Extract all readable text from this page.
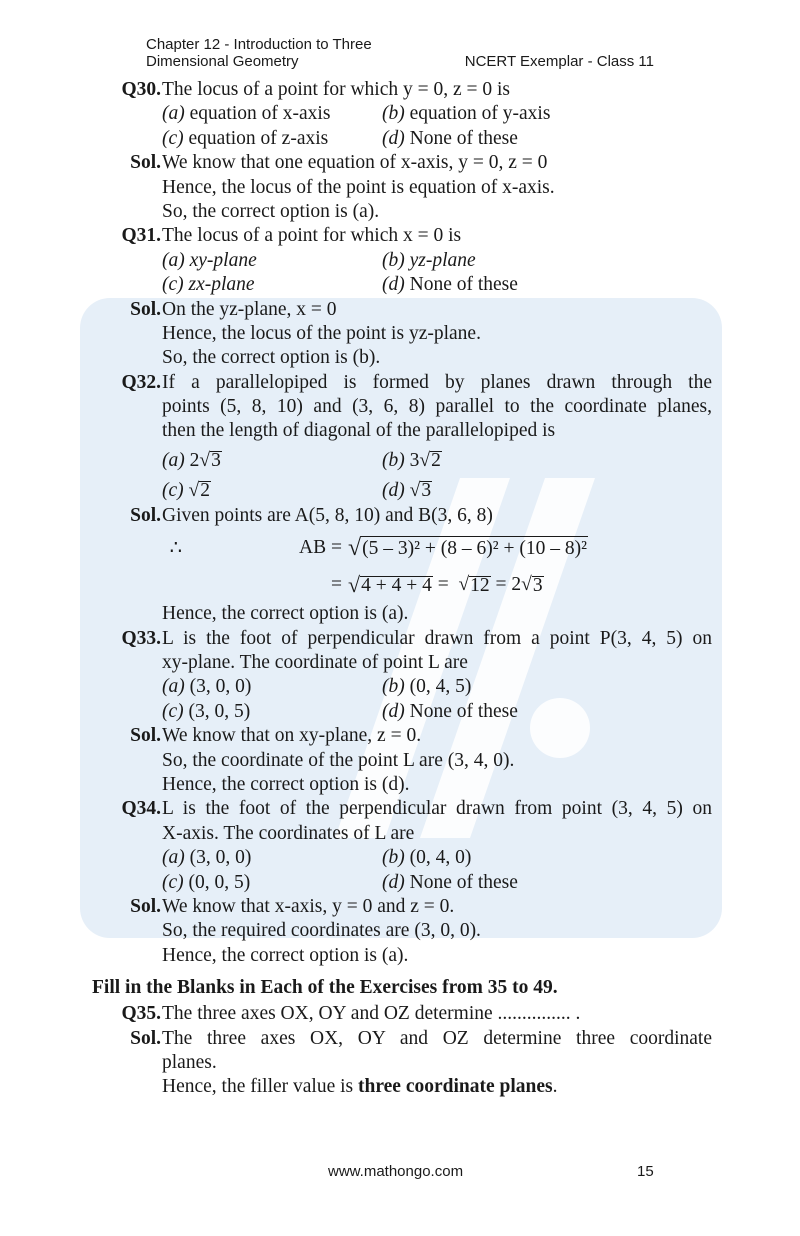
Chapter 12 - Introduction to Three
Dimensional Geometry	NCERT Exemplar - Class 11
Q30. The locus of a point for which y = 0, z = 0 is
(a) equation of x-axis	(b) equation of y-axis
(c) equation of z-axis	(d) None of these
Sol. We know that one equation of x-axis, y = 0, z = 0
Hence, the locus of the point is equation of x-axis.
So, the correct option is (a).
Q31. The locus of a point for which x = 0 is
(a) xy-plane	(b) yz-plane
(c) zx-plane	(d) None of these
Sol. On the yz-plane, x = 0
Hence, the locus of the point is yz-plane.
So, the correct option is (b).
Q32. If a parallelopiped is formed by planes drawn through the
points (5, 8, 10) and (3, 6, 8) parallel to the coordinate planes,
then the length of diagonal of the parallelopiped is
(a) 2√3	(b) 3√2
(c) √2	(d) √3
Sol. Given points are A(5, 8, 10) and B(3, 6, 8)
∴	AB = √ (5 – 3)² + (8 – 6)² + (10 – 8)²
= √ 4 + 4 + 4
= √ 12
= 2 √ 3
Hence, the correct option is (a).
Q33. L is the foot of perpendicular drawn from a point P(3, 4, 5) on
xy-plane. The coordinate of point L are
(a) (3, 0, 0)	(b) (0, 4, 5)
(c) (3, 0, 5)	(d) None of these
Sol. We know that on xy-plane, z = 0.
So, the coordinate of the point L are (3, 4, 0).
Hence, the correct option is (d).
Q34. L is the foot of the perpendicular drawn from point (3, 4, 5) on
X-axis. The coordinates of L are
(a) (3, 0, 0)	(b) (0, 4, 0)
(c) (0, 0, 5)	(d) None of these
Sol. We know that x-axis, y = 0 and z = 0.
So, the required coordinates are (3, 0, 0).
Hence, the correct option is (a).
Fill in the Blanks in Each of the Exercises from 35 to 49.
Q35. The three axes OX, OY and OZ determine ............... .
Sol. The three axes OX, OY and OZ determine three coordinate
planes.
Hence, the filler value is three coordinate planes.
www.mathongo.com	15
